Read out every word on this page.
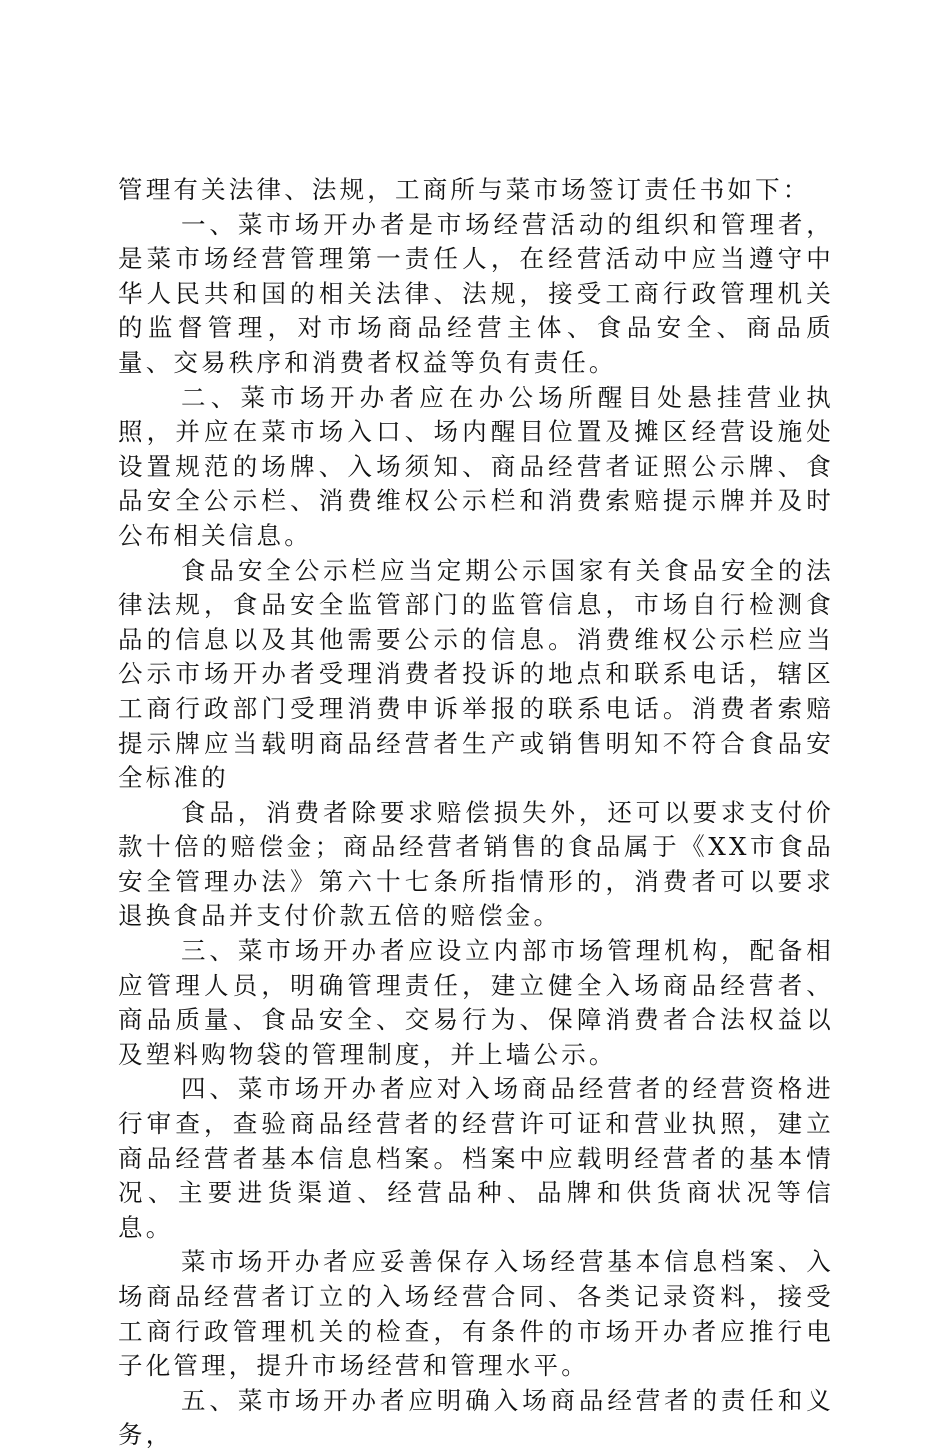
管理有关法律、法规，工商所与菜市场签订责任书如下：

一、菜市场开办者是市场经营活动的组织和管理者，是菜市场经营管理第一责任人，在经营活动中应当遵守中华人民共和国的相关法律、法规，接受工商行政管理机关的监督管理，对市场商品经营主体、食品安全、商品质量、交易秩序和消费者权益等负有责任。

二、菜市场开办者应在办公场所醒目处悬挂营业执照，并应在菜市场入口、场内醒目位置及摊区经营设施处设置规范的场牌、入场须知、商品经营者证照公示牌、食品安全公示栏、消费维权公示栏和消费索赔提示牌并及时公布相关信息。

食品安全公示栏应当定期公示国家有关食品安全的法律法规，食品安全监管部门的监管信息，市场自行检测食品的信息以及其他需要公示的信息。消费维权公示栏应当公示市场开办者受理消费者投诉的地点和联系电话，辖区工商行政部门受理消费申诉举报的联系电话。消费者索赔提示牌应当载明商品经营者生产或销售明知不符合食品安全标准的

食品，消费者除要求赔偿损失外，还可以要求支付价款十倍的赔偿金；商品经营者销售的食品属于《XX市食品安全管理办法》第六十七条所指情形的，消费者可以要求退换食品并支付价款五倍的赔偿金。

三、菜市场开办者应设立内部市场管理机构，配备相应管理人员，明确管理责任，建立健全入场商品经营者、商品质量、食品安全、交易行为、保障消费者合法权益以及塑料购物袋的管理制度，并上墙公示。

四、菜市场开办者应对入场商品经营者的经营资格进行审查，查验商品经营者的经营许可证和营业执照，建立商品经营者基本信息档案。档案中应载明经营者的基本情况、主要进货渠道、经营品种、品牌和供货商状况等信息。

菜市场开办者应妥善保存入场经营基本信息档案、入场商品经营者订立的入场经营合同、各类记录资料，接受工商行政管理机关的检查，有条件的市场开办者应推行电子化管理，提升市场经营和管理水平。

五、菜市场开办者应明确入场商品经营者的责任和义务，
